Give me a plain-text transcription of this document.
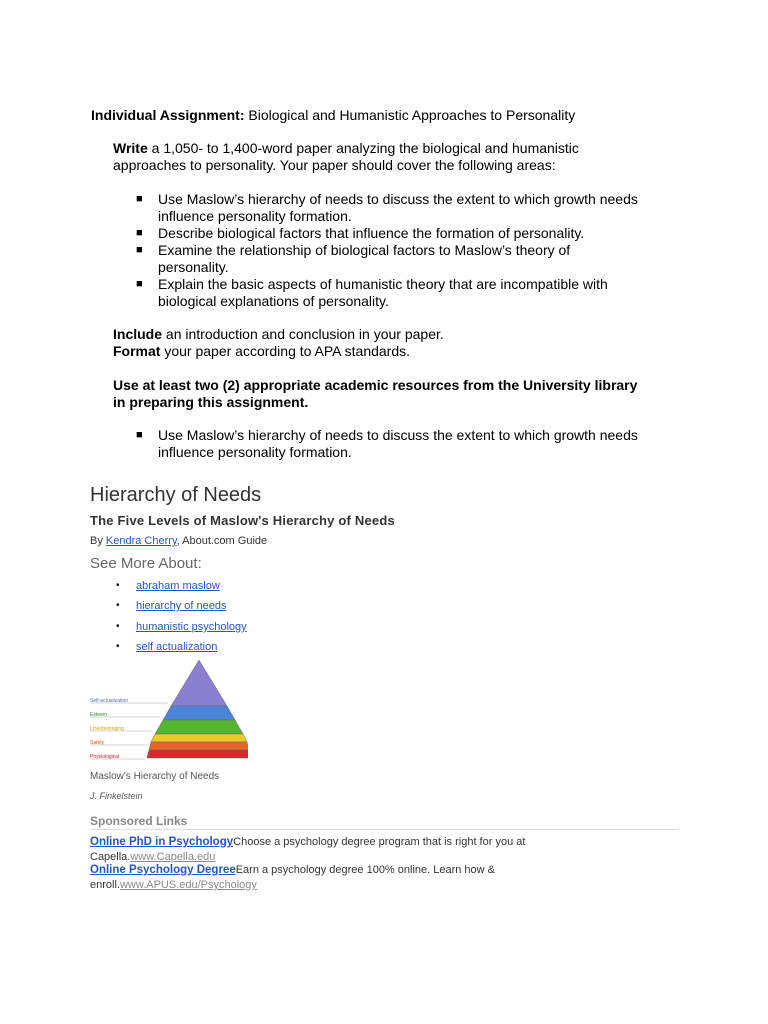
Individual Assignment: Biological and Humanistic Approaches to Personality
Write a 1,050- to 1,400-word paper analyzing the biological and humanistic
approaches to personality. Your paper should cover the following areas:
■ Use Maslow’s hierarchy of needs to discuss the extent to which growth needs
influence personality formation.
■ Describe biological factors that influence the formation of personality.
■ Examine the relationship of biological factors to Maslow’s theory of
personality.
■ Explain the basic aspects of humanistic theory that are incompatible with
biological explanations of personality.
Include an introduction and conclusion in your paper.
Format your paper according to APA standards.
Use at least two (2) appropriate academic resources from the University library
in preparing this assignment.
■ Use Maslow’s hierarchy of needs to discuss the extent to which growth needs
influence personality formation.
Hierarchy of Needs
The Five Levels of Maslow's Hierarchy of Needs
By Kendra Cherry, About.com Guide
See More About:
• abraham maslow
• hierarchy of needs
• humanistic psychology
• self actualization
Self-actualization
Esteem
Love/belonging
Safety
Physiological
Maslow's Hierarchy of Needs
J. Finkelstein
Sponsored Links
Online PhD in PsychologyChoose a psychology degree program that is right for you at
Capella.www.Capella.edu
Online Psychology DegreeEarn a psychology degree 100% online. Learn how &
enroll.www.APUS.edu/Psychology
